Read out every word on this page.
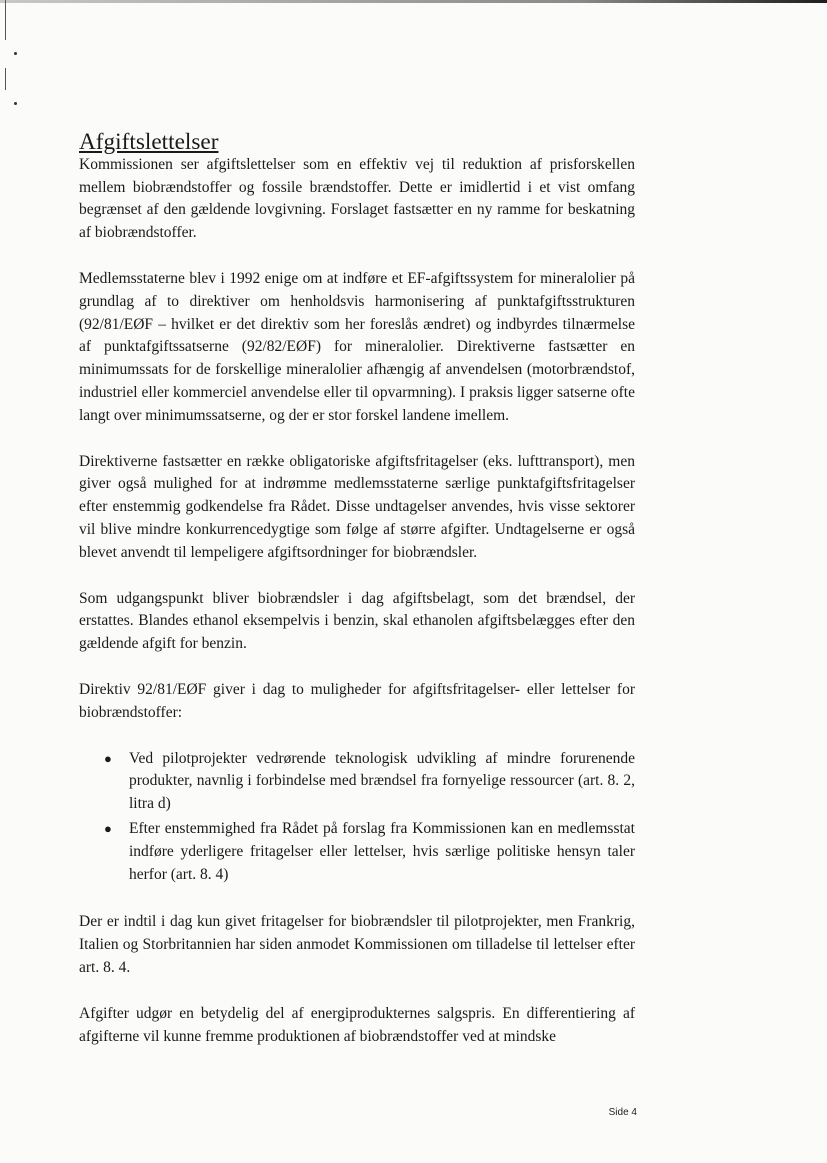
Afgiftslettelser

Kommissionen ser afgiftslettelser som en effektiv vej til reduktion af prisforskellen mellem biobrændstoffer og fossile brændstoffer. Dette er imidlertid i et vist omfang begrænset af den gældende lovgivning. Forslaget fastsætter en ny ramme for beskatning af biobrændstoffer.

Medlemsstaterne blev i 1992 enige om at indføre et EF-afgiftssystem for mineralolier på grundlag af to direktiver om henholdsvis harmonisering af punktafgiftsstrukturen (92/81/EØF – hvilket er det direktiv som her foreslås ændret) og indbyrdes tilnærmelse af punktafgiftssatserne (92/82/EØF) for mineralolier. Direktiverne fastsætter en minimumssats for de forskellige mineralolier afhængig af anvendelsen (motorbrændstof, industriel eller kommerciel anvendelse eller til opvarmning). I praksis ligger satserne ofte langt over minimumssatserne, og der er stor forskel landene imellem.

Direktiverne fastsætter en række obligatoriske afgiftsfritagelser (eks. lufttransport), men giver også mulighed for at indrømme medlemsstaterne særlige punktafgiftsfritagelser efter enstemmig godkendelse fra Rådet. Disse undtagelser anvendes, hvis visse sektorer vil blive mindre konkurrencedygtige som følge af større afgifter. Undtagelserne er også blevet anvendt til lempeligere afgiftsordninger for biobrændsler.

Som udgangspunkt bliver biobrændsler i dag afgiftsbelagt, som det brændsel, der erstattes. Blandes ethanol eksempelvis i benzin, skal ethanolen afgiftsbelægges efter den gældende afgift for benzin.

Direktiv 92/81/EØF giver i dag to muligheder for afgiftsfritagelser- eller lettelser for biobrændstoffer:

● Ved pilotprojekter vedrørende teknologisk udvikling af mindre forurenende produkter, navnlig i forbindelse med brændsel fra fornyelige ressourcer (art. 8. 2, litra d)
● Efter enstemmighed fra Rådet på forslag fra Kommissionen kan en medlemsstat indføre yderligere fritagelser eller lettelser, hvis særlige politiske hensyn taler herfor (art. 8. 4)

Der er indtil i dag kun givet fritagelser for biobrændsler til pilotprojekter, men Frankrig, Italien og Storbritannien har siden anmodet Kommissionen om tilladelse til lettelser efter art. 8. 4.

Afgifter udgør en betydelig del af energiprodukternes salgspris. En differentiering af afgifterne vil kunne fremme produktionen af biobrændstoffer ved at mindske

Side 4
